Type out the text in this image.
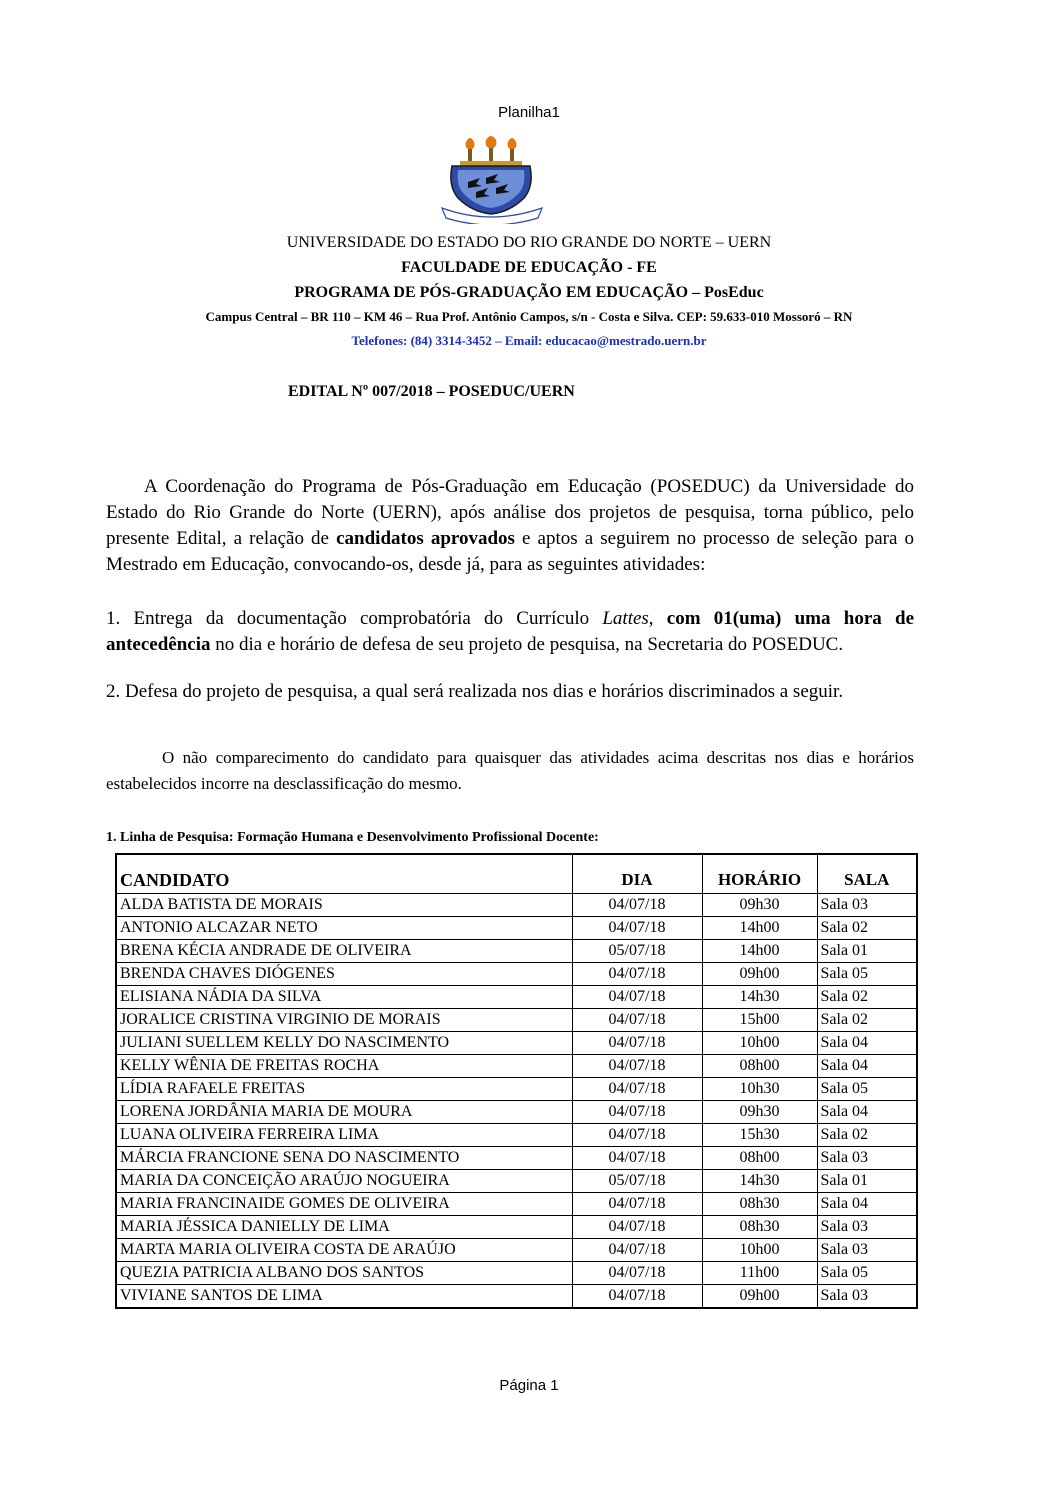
Planilha1
UNIVERSIDADE DO ESTADO DO RIO GRANDE DO NORTE – UERN
FACULDADE DE EDUCAÇÃO - FE
PROGRAMA DE PÓS-GRADUAÇÃO EM EDUCAÇÃO – PosEduc
Campus Central – BR 110 – KM 46 – Rua Prof. Antônio Campos, s/n - Costa e Silva. CEP: 59.633-010 Mossoró – RN
Telefones: (84) 3314-3452 – Email: educacao@mestrado.uern.br
EDITAL Nº 007/2018 – POSEDUC/UERN

A Coordenação do Programa de Pós-Graduação em Educação (POSEDUC) da Universidade do Estado do Rio Grande do Norte (UERN), após análise dos projetos de pesquisa, torna público, pelo presente Edital, a relação de candidatos aprovados e aptos a seguirem no processo de seleção para o Mestrado em Educação, convocando-os, desde já, para as seguintes atividades:

1. Entrega da documentação comprobatória do Currículo Lattes, com 01(uma) uma hora de antecedência no dia e horário de defesa de seu projeto de pesquisa, na Secretaria do POSEDUC.

2. Defesa do projeto de pesquisa, a qual será realizada nos dias e horários discriminados a seguir.

O não comparecimento do candidato para quaisquer das atividades acima descritas nos dias e horários estabelecidos incorre na desclassificação do mesmo.

1. Linha de Pesquisa: Formação Humana e Desenvolvimento Profissional Docente:
CANDIDATO	DIA	HORÁRIO	SALA
ALDA BATISTA DE MORAIS	04/07/18	09h30	Sala 03
ANTONIO ALCAZAR NETO	04/07/18	14h00	Sala 02
BRENA KÉCIA ANDRADE DE OLIVEIRA	05/07/18	14h00	Sala 01
BRENDA CHAVES DIÓGENES	04/07/18	09h00	Sala 05
ELISIANA NÁDIA DA SILVA	04/07/18	14h30	Sala 02
JORALICE CRISTINA VIRGINIO DE MORAIS	04/07/18	15h00	Sala 02
JULIANI SUELLEM KELLY DO NASCIMENTO	04/07/18	10h00	Sala 04
KELLY WÊNIA DE FREITAS ROCHA	04/07/18	08h00	Sala 04
LÍDIA RAFAELE FREITAS	04/07/18	10h30	Sala 05
LORENA JORDÂNIA MARIA DE MOURA	04/07/18	09h30	Sala 04
LUANA OLIVEIRA FERREIRA LIMA	04/07/18	15h30	Sala 02
MÁRCIA FRANCIONE SENA DO NASCIMENTO	04/07/18	08h00	Sala 03
MARIA DA CONCEIÇÃO ARAÚJO NOGUEIRA	05/07/18	14h30	Sala 01
MARIA FRANCINAIDE GOMES DE OLIVEIRA	04/07/18	08h30	Sala 04
MARIA JÉSSICA DANIELLY DE LIMA	04/07/18	08h30	Sala 03
MARTA MARIA OLIVEIRA COSTA DE ARAÚJO	04/07/18	10h00	Sala 03
QUEZIA PATRICIA ALBANO DOS SANTOS	04/07/18	11h00	Sala 05
VIVIANE SANTOS DE LIMA	04/07/18	09h00	Sala 03
Página 1
